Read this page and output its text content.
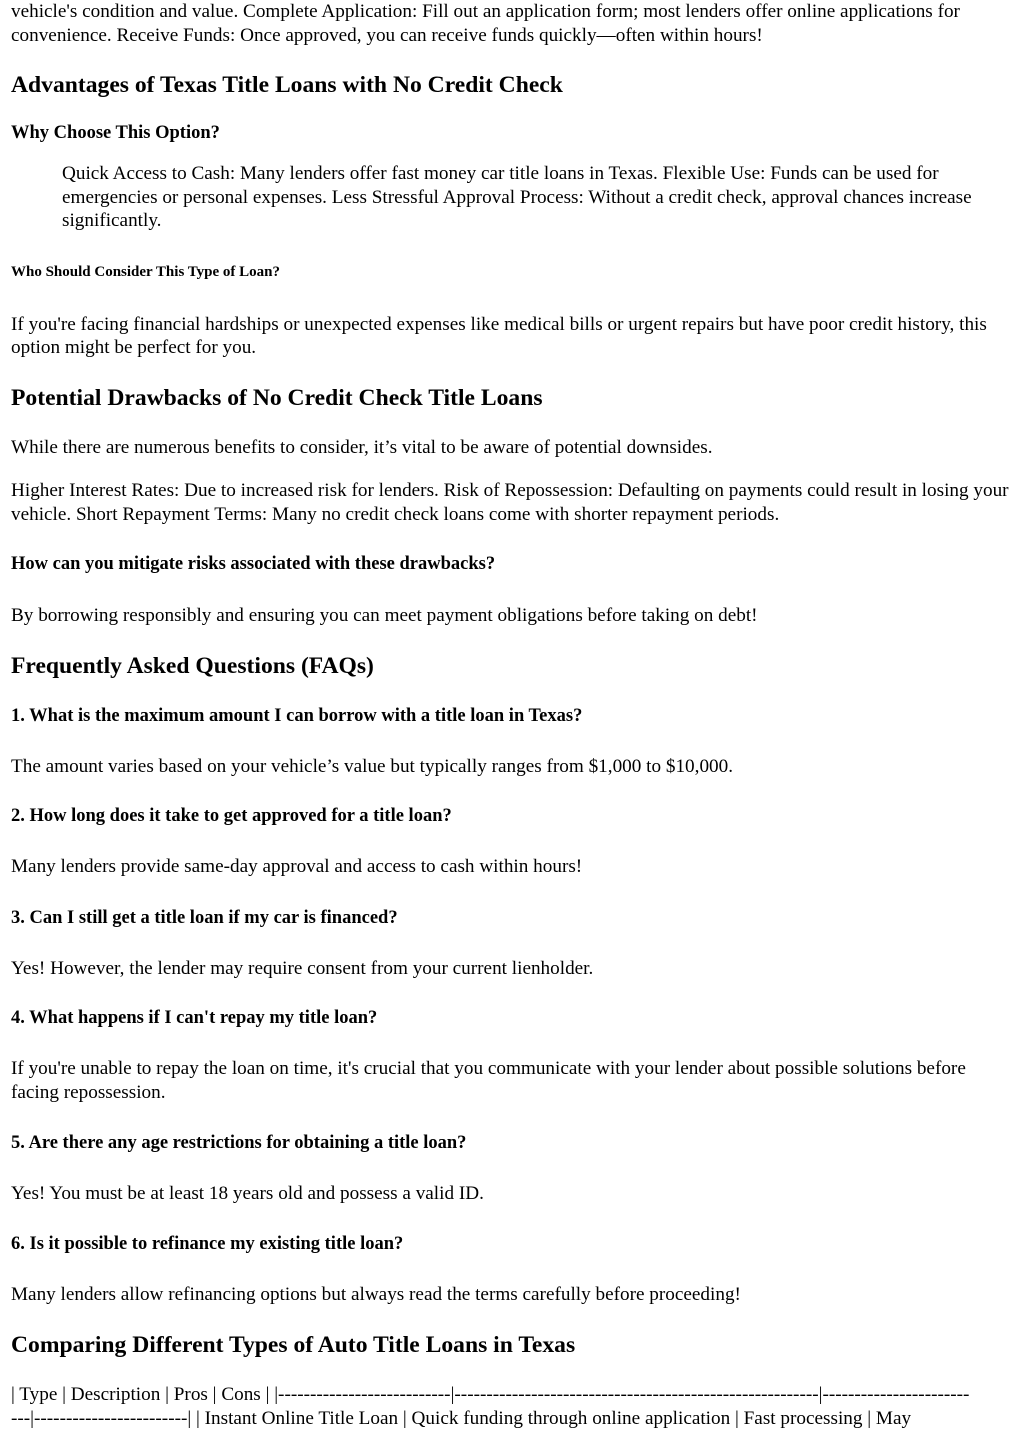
vehicle's condition and value. Complete Application: Fill out an application form; most lenders offer online applications for convenience. Receive Funds: Once approved, you can receive funds quickly—often within hours!

Advantages of Texas Title Loans with No Credit Check
Why Choose This Option?
Quick Access to Cash: Many lenders offer fast money car title loans in Texas. Flexible Use: Funds can be used for emergencies or personal expenses. Less Stressful Approval Process: Without a credit check, approval chances increase significantly.
Who Should Consider This Type of Loan?

If you're facing financial hardships or unexpected expenses like medical bills or urgent repairs but have poor credit history, this option might be perfect for you.

Potential Drawbacks of No Credit Check Title Loans

While there are numerous benefits to consider, it’s vital to be aware of potential downsides.

Higher Interest Rates: Due to increased risk for lenders. Risk of Repossession: Defaulting on payments could result in losing your vehicle. Short Repayment Terms: Many no credit check loans come with shorter repayment periods.

How can you mitigate risks associated with these drawbacks?

By borrowing responsibly and ensuring you can meet payment obligations before taking on debt!

Frequently Asked Questions (FAQs)
1. What is the maximum amount I can borrow with a title loan in Texas?

The amount varies based on your vehicle’s value but typically ranges from $1,000 to $10,000.

2. How long does it take to get approved for a title loan?

Many lenders provide same-day approval and access to cash within hours!

3. Can I still get a title loan if my car is financed?

Yes! However, the lender may require consent from your current lienholder.

4. What happens if I can't repay my title loan?

If you're unable to repay the loan on time, it's crucial that you communicate with your lender about possible solutions before facing repossession.

5. Are there any age restrictions for obtaining a title loan?

Yes! You must be at least 18 years old and possess a valid ID.

6. Is it possible to refinance my existing title loan?

Many lenders allow refinancing options but always read the terms carefully before proceeding!

Comparing Different Types of Auto Title Loans in Texas
| Type | Description | Pros | Cons | |---------------------------|---------------------------------------------------------|-----------------------
---|------------------------| | Instant Online Title Loan | Quick funding through online application | Fast processing | May
